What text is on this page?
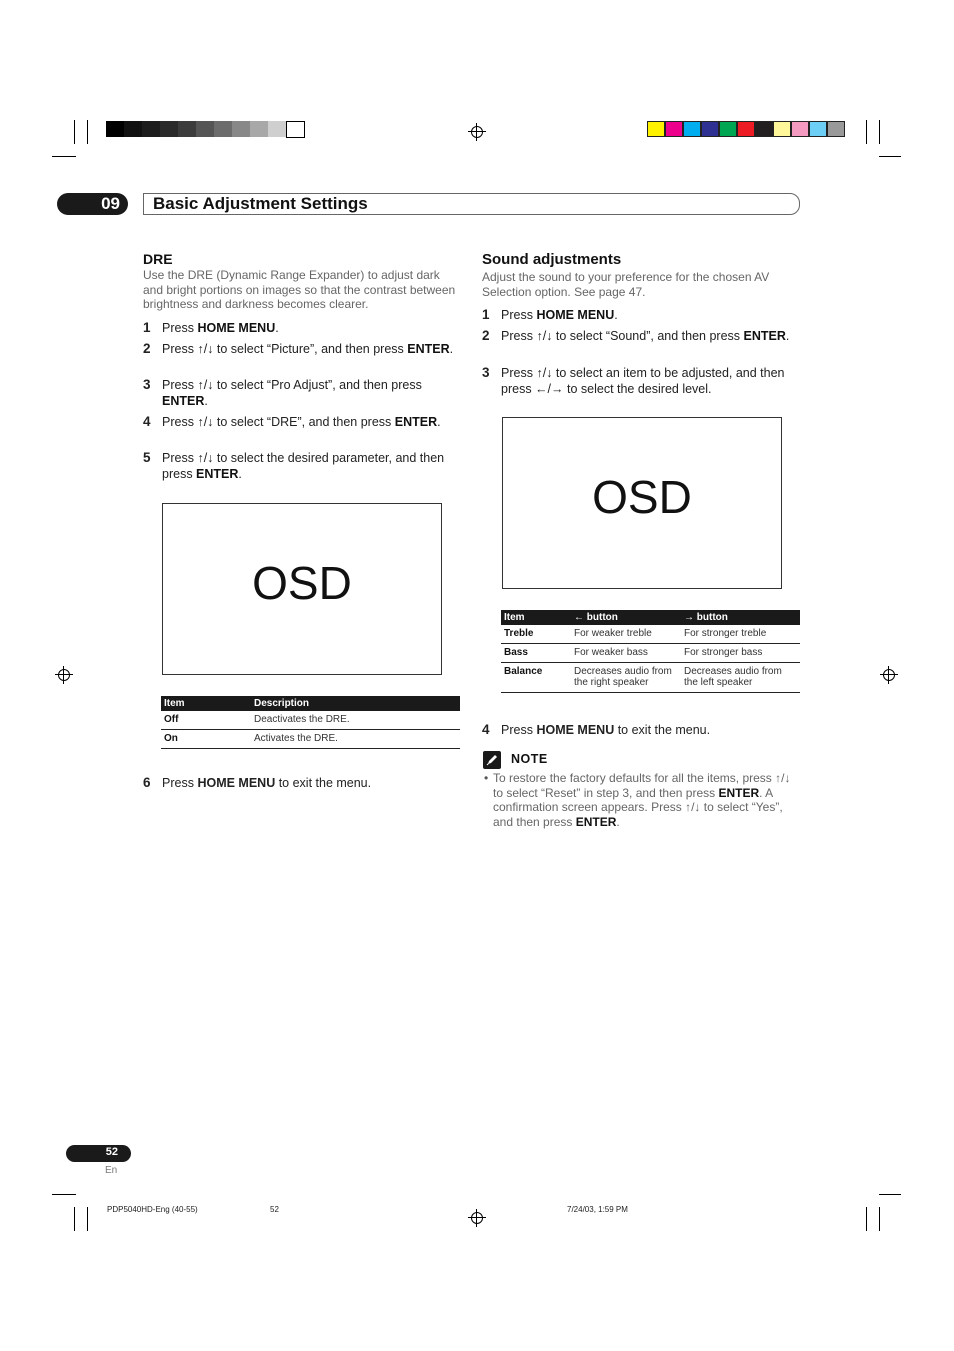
09 Basic Adjustment Settings
DRE
Use the DRE (Dynamic Range Expander) to adjust dark and bright portions on images so that the contrast between brightness and darkness becomes clearer.
1 Press HOME MENU.
2 Press ↑/↓ to select “Picture”, and then press ENTER.
3 Press ↑/↓ to select “Pro Adjust”, and then press ENTER.
4 Press ↑/↓ to select “DRE”, and then press ENTER.
5 Press ↑/↓ to select the desired parameter, and then press ENTER.
OSD
Item	Description
Off	Deactivates the DRE.
On	Activates the DRE.
6 Press HOME MENU to exit the menu.
Sound adjustments
Adjust the sound to your preference for the chosen AV Selection option. See page 47.
1 Press HOME MENU.
2 Press ↑/↓ to select “Sound”, and then press ENTER.
3 Press ↑/↓ to select an item to be adjusted, and then press ←/→ to select the desired level.
OSD
Item	← button	→ button
Treble	For weaker treble	For stronger treble
Bass	For weaker bass	For stronger bass
Balance	Decreases audio from the right speaker	Decreases audio from the left speaker
4 Press HOME MENU to exit the menu.
NOTE
• To restore the factory defaults for all the items, press ↑/↓ to select “Reset” in step 3, and then press ENTER. A confirmation screen appears. Press ↑/↓ to select “Yes”, and then press ENTER.
52
En
PDP5040HD-Eng (40-55)	52	7/24/03, 1:59 PM
